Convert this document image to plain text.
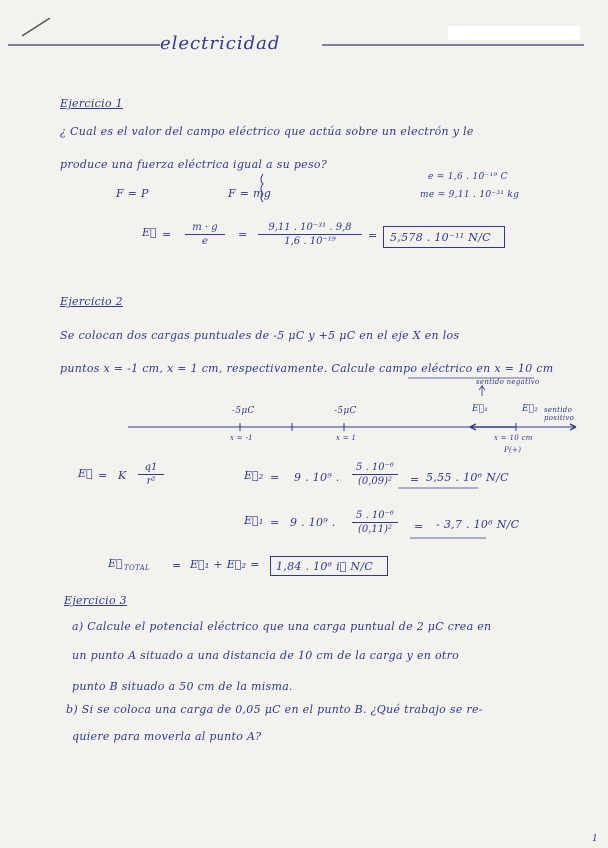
electricidad
Ejercicio 1
¿ Cual es el valor del campo eléctrico que actúa sobre un electrón y le
produce una fuerza eléctrica igual a su peso?
e = 1,6 . 10⁻¹⁹ C
me = 9,11 . 10⁻³¹ kg
F = P	F = mg
E⃗ =
m · g
e
=
9,11 . 10⁻³¹ . 9,8
1,6 . 10⁻¹⁹	= 5,578 . 10⁻¹¹ N/C
Ejercicio 2
Se colocan dos cargas puntuales de -5 μC y +5 μC en el eje X en los
puntos x = -1 cm, x = 1 cm, respectivamente. Calcule campo eléctrico en x = 10 cm
sentido negativo
-5μC	-5μC	E⃗₁	E⃗₂ sentido positivo
x = -1	x = 1	x = 10 cm
P(+)
E⃗ = K
q1
r²	E⃗₂ = 9 . 10⁹ .
5 . 10⁻⁶
(0,09)²	= 5,55 . 10⁶ N/C
E⃗₁ = 9 . 10⁹ .
5 . 10⁻⁶
(0,11)²	= - 3,7 . 10⁶ N/C
E⃗ TOTAL = E⃗₁ + E⃗₂ = 1,84 . 10⁶ i⃗ N/C
Ejercicio 3
a) Calcule el potencial eléctrico que una carga puntual de 2 μC crea en
un punto A situado a una distancia de 10 cm de la carga y en otro
punto B situado a 50 cm de la misma.
b) Si se coloca una carga de 0,05 μC en el punto B. ¿Qué trabajo se re-
quiere para moverla al punto A?
1
